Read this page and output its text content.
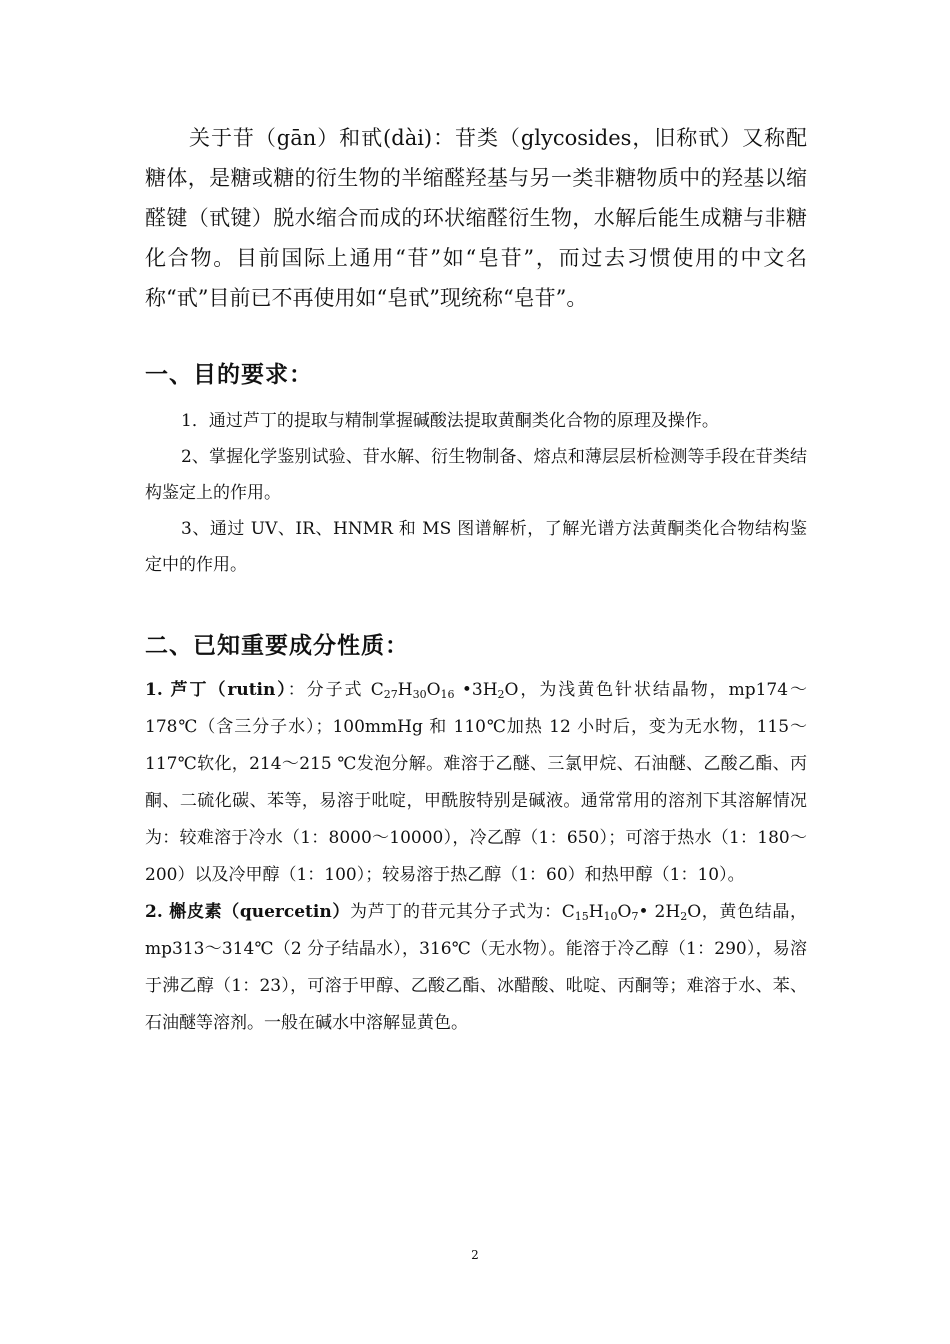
关于苷（gān）和甙(dài)：苷类（glycosides，旧称甙）又称配糖体，是糖或糖的衍生物的半缩醛羟基与另一类非糖物质中的羟基以缩醛键（甙键）脱水缩合而成的环状缩醛衍生物，水解后能生成糖与非糖化合物。目前国际上通用“苷”如“皂苷”，而过去习惯使用的中文名称“甙”目前已不再使用如“皂甙”现统称“皂苷”。

一、目的要求：

1．通过芦丁的提取与精制掌握碱酸法提取黄酮类化合物的原理及操作。

2、掌握化学鉴别试验、苷水解、衍生物制备、熔点和薄层层析检测等手段在苷类结构鉴定上的作用。

3、通过 UV、IR、HNMR 和 MS 图谱解析，了解光谱方法黄酮类化合物结构鉴定中的作用。

二、已知重要成分性质：

1. 芦丁（rutin）：分子式 $C_{27}H_{30}O_{16}$ $•3H_2O$，为浅黄色针状结晶物，mp174～178℃（含三分子水）；100mmHg 和 110℃加热 12 小时后，变为无水物，115～117℃软化，214～215 ℃发泡分解。难溶于乙醚、三氯甲烷、石油醚、乙酸乙酯、丙酮、二硫化碳、苯等，易溶于吡啶，甲酰胺特别是碱液。通常常用的溶剂下其溶解情况为：较难溶于冷水（1：8000～10000），冷乙醇（1：650）；可溶于热水（1：180～200）以及冷甲醇（1：100）；较易溶于热乙醇（1：60）和热甲醇（1：10）。

2. 槲皮素（quercetin）为芦丁的苷元其分子式为：$C_{15}H_{10}O_7•$ $2H_2O$，黄色结晶，mp313～314℃（2 分子结晶水），316℃（无水物）。能溶于冷乙醇（1：290），易溶于沸乙醇（1：23），可溶于甲醇、乙酸乙酯、冰醋酸、吡啶、丙酮等；难溶于水、苯、石油醚等溶剂。一般在碱水中溶解显黄色。

2
